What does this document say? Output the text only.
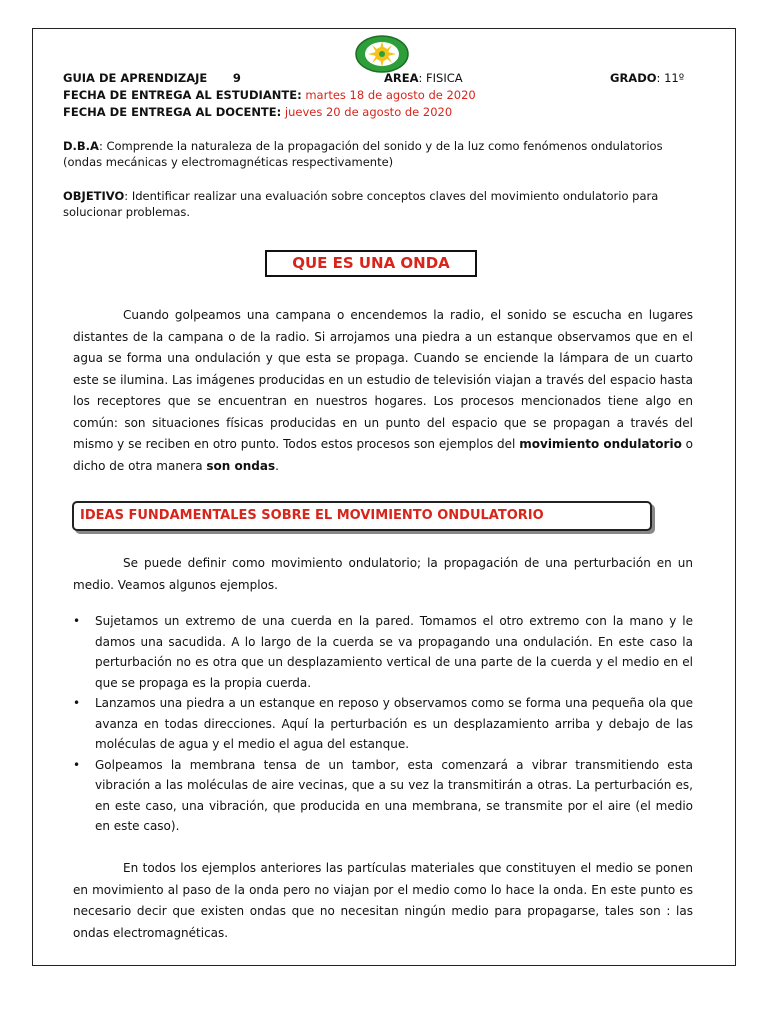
GUIA DE APRENDIZAJE 9	AREA: FISICA	GRADO: 11º
FECHA DE ENTREGA AL ESTUDIANTE: martes 18 de agosto de 2020
FECHA DE ENTREGA AL DOCENTE: jueves 20 de agosto de 2020
D.B.A: Comprende la naturaleza de la propagación del sonido y de la luz como fenómenos ondulatorios (ondas mecánicas y electromagnéticas respectivamente)
OBJETIVO: Identificar realizar una evaluación sobre conceptos claves del movimiento ondulatorio para solucionar problemas.
QUE ES UNA ONDA
Cuando golpeamos una campana o encendemos la radio, el sonido se escucha en lugares distantes de la campana o de la radio. Si arrojamos una piedra a un estanque observamos que en el agua se forma una ondulación y que esta se propaga. Cuando se enciende la lámpara de un cuarto este se ilumina. Las imágenes producidas en un estudio de televisión viajan a través del espacio hasta los receptores que se encuentran en nuestros hogares. Los procesos mencionados tiene algo en común: son situaciones físicas producidas en un punto del espacio que se propagan a través del mismo y se reciben en otro punto. Todos estos procesos son ejemplos del movimiento ondulatorio o dicho de otra manera son ondas.
IDEAS FUNDAMENTALES SOBRE EL MOVIMIENTO ONDULATORIO
Se puede definir como movimiento ondulatorio; la propagación de una perturbación en un medio. Veamos algunos ejemplos.
• Sujetamos un extremo de una cuerda en la pared. Tomamos el otro extremo con la mano y le damos una sacudida. A lo largo de la cuerda se va propagando una ondulación. En este caso la perturbación no es otra que un desplazamiento vertical de una parte de la cuerda y el medio en el que se propaga es la propia cuerda.
• Lanzamos una piedra a un estanque en reposo y observamos como se forma una pequeña ola que avanza en todas direcciones. Aquí la perturbación es un desplazamiento arriba y debajo de las moléculas de agua y el medio el agua del estanque.
• Golpeamos la membrana tensa de un tambor, esta comenzará a vibrar transmitiendo esta vibración a las moléculas de aire vecinas, que a su vez la transmitirán a otras. La perturbación es, en este caso, una vibración, que producida en una membrana, se transmite por el aire (el medio en este caso).
En todos los ejemplos anteriores las partículas materiales que constituyen el medio se ponen en movimiento al paso de la onda pero no viajan por el medio como lo hace la onda. En este punto es necesario decir que existen ondas que no necesitan ningún medio para propagarse, tales son : las ondas electromagnéticas.
